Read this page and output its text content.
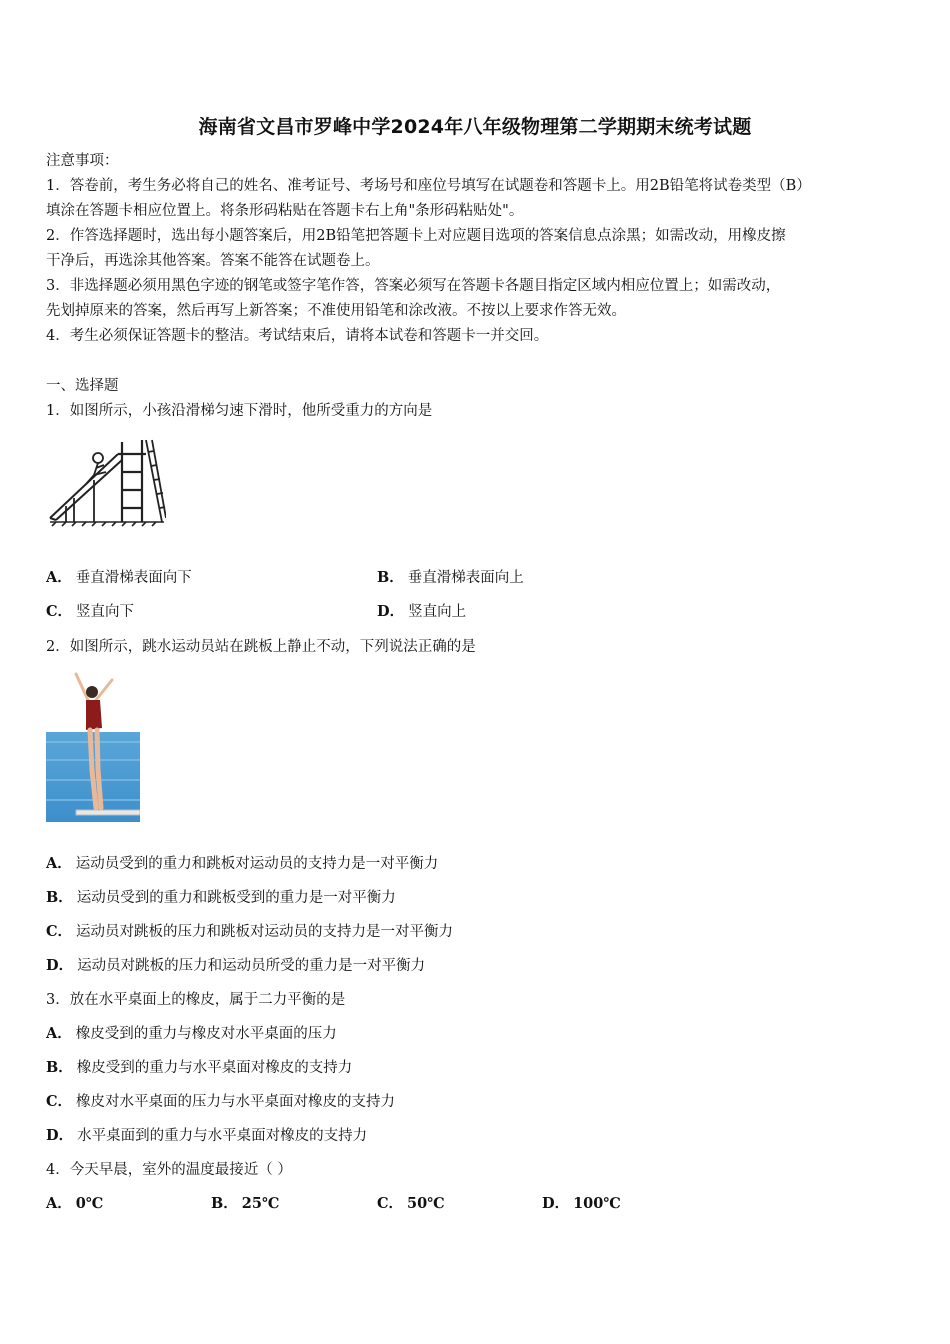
海南省文昌市罗峰中学2024年八年级物理第二学期期末统考试题
注意事项：
1．答卷前，考生务必将自己的姓名、准考证号、考场号和座位号填写在试题卷和答题卡上。用2B铅笔将试卷类型（B）
填涂在答题卡相应位置上。将条形码粘贴在答题卡右上角"条形码粘贴处"。
2．作答选择题时，选出每小题答案后，用2B铅笔把答题卡上对应题目选项的答案信息点涂黑；如需改动，用橡皮擦
干净后，再选涂其他答案。答案不能答在试题卷上。
3．非选择题必须用黑色字迹的钢笔或签字笔作答，答案必须写在答题卡各题目指定区域内相应位置上；如需改动，
先划掉原来的答案，然后再写上新答案；不准使用铅笔和涂改液。不按以上要求作答无效。
4．考生必须保证答题卡的整洁。考试结束后，请将本试卷和答题卡一并交回。
一、选择题
1．如图所示，小孩沿滑梯匀速下滑时，他所受重力的方向是
A． 垂直滑梯表面向下	B． 垂直滑梯表面向上
C． 竖直向下	D． 竖直向上
2．如图所示，跳水运动员站在跳板上静止不动，下列说法正确的是
A． 运动员受到的重力和跳板对运动员的支持力是一对平衡力
B． 运动员受到的重力和跳板受到的重力是一对平衡力
C． 运动员对跳板的压力和跳板对运动员的支持力是一对平衡力
D． 运动员对跳板的压力和运动员所受的重力是一对平衡力
3．放在水平桌面上的橡皮，属于二力平衡的是
A． 橡皮受到的重力与橡皮对水平桌面的压力
B． 橡皮受到的重力与水平桌面对橡皮的支持力
C． 橡皮对水平桌面的压力与水平桌面对橡皮的支持力
D． 水平桌面到的重力与水平桌面对橡皮的支持力
4．今天早晨，室外的温度最接近（ ）
A． 0℃	B． 25℃	C． 50℃	D． 100℃
